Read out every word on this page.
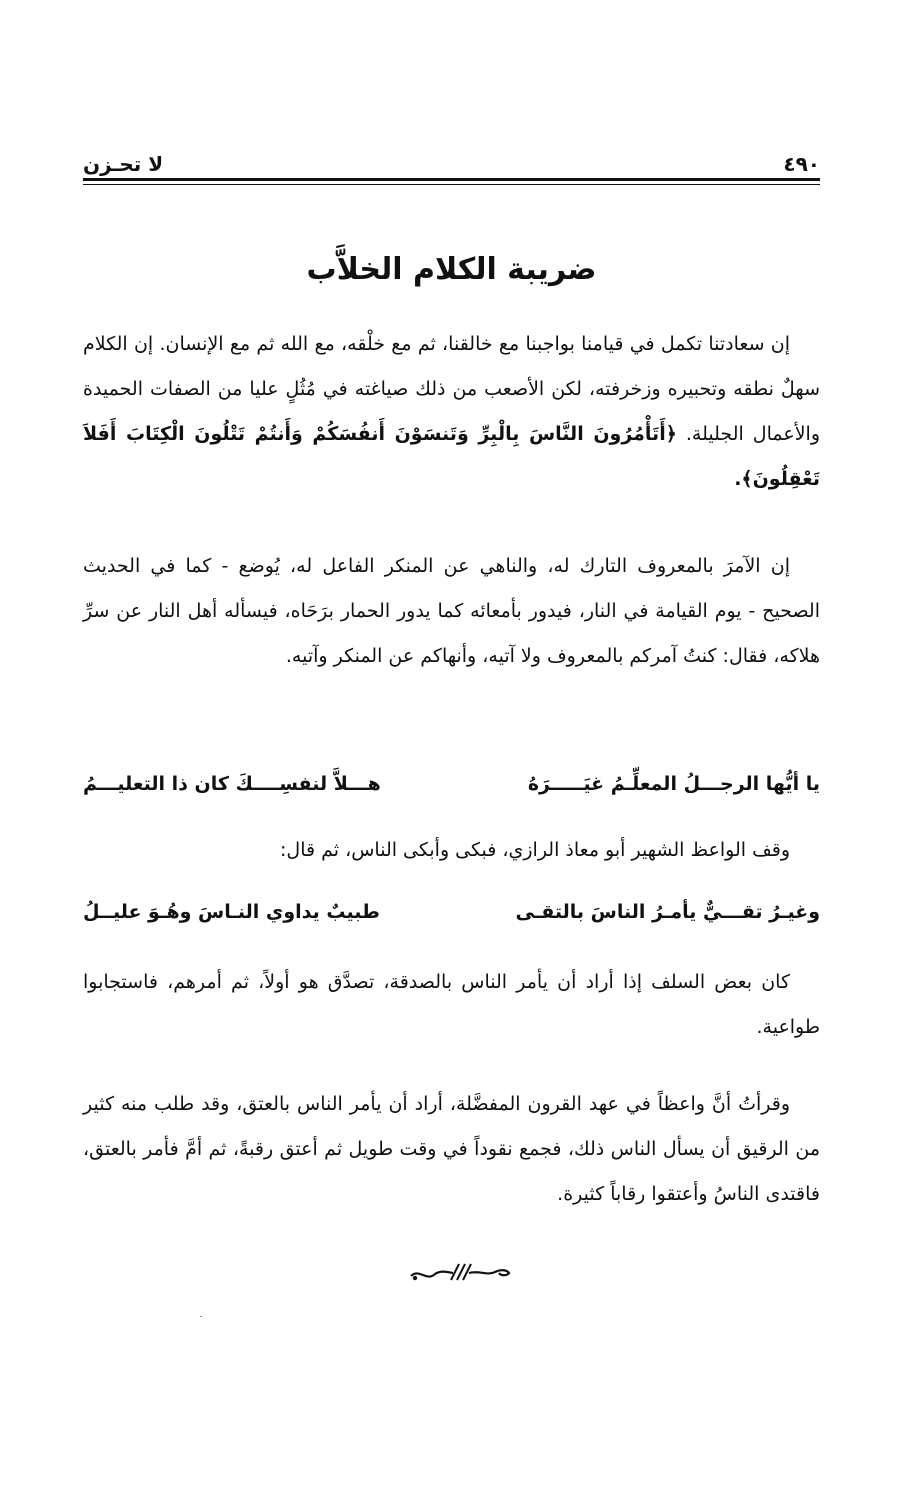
٤٩٠
لا تحـزن
ضريبة الكلام الخلاَّب
إن سعادتنا تكمل في قيامنا بواجبنا مع خالقنا، ثم مع خلْقه، مع الله ثم مع الإنسان. إن الكلام سهلٌ نطقه وتحبيره وزخرفته، لكن الأصعب من ذلك صياغته في مُثُلٍ عليا من الصفات الحميدة والأعمال الجليلة. ﴿أَتَأْمُرُونَ النَّاسَ بِالْبِرِّ وَتَنسَوْنَ أَنفُسَكُمْ وَأَنتُمْ تَتْلُونَ الْكِتَابَ أَفَلاَ تَعْقِلُونَ﴾.
إن الآمرَ بالمعروف التارك له، والناهي عن المنكر الفاعل له، يُوضع - كما في الحديث الصحيح - يوم القيامة في النار، فيدور بأمعائه كما يدور الحمار برَحَاه، فيسأله أهل النار عن سرِّ هلاكه، فقال: كنتُ آمركم بالمعروف ولا آتيه، وأنهاكم عن المنكر وآتيه.
يا أيُّها الرجـــلُ المعلِّـمُ غيَـــــرَهُ
هـــلاَّ لنفسِــــكَ كان ذا التعليـــمُ
وقف الواعظ الشهير أبو معاذ الرازي، فبكى وأبكى الناس، ثم قال:
وغيـرُ تقـــيٌّ يأمـرُ الناسَ بالتقـى
طبيبٌ يداوي النـاسَ وهُـوَ عليــلُ
كان بعض السلف إذا أراد أن يأمر الناس بالصدقة، تصدَّق هو أولاً، ثم أمرهم، فاستجابوا طواعية.
وقرأتُ أنَّ واعظاً في عهد القرون المفضَّلة، أراد أن يأمر الناس بالعتق، وقد طلب منه كثير من الرقيق أن يسأل الناس ذلك، فجمع نقوداً في وقت طويل ثم أعتق رقبةً، ثم أمَّ فأمر بالعتق، فاقتدى الناسُ وأعتقوا رقاباً كثيرة.
